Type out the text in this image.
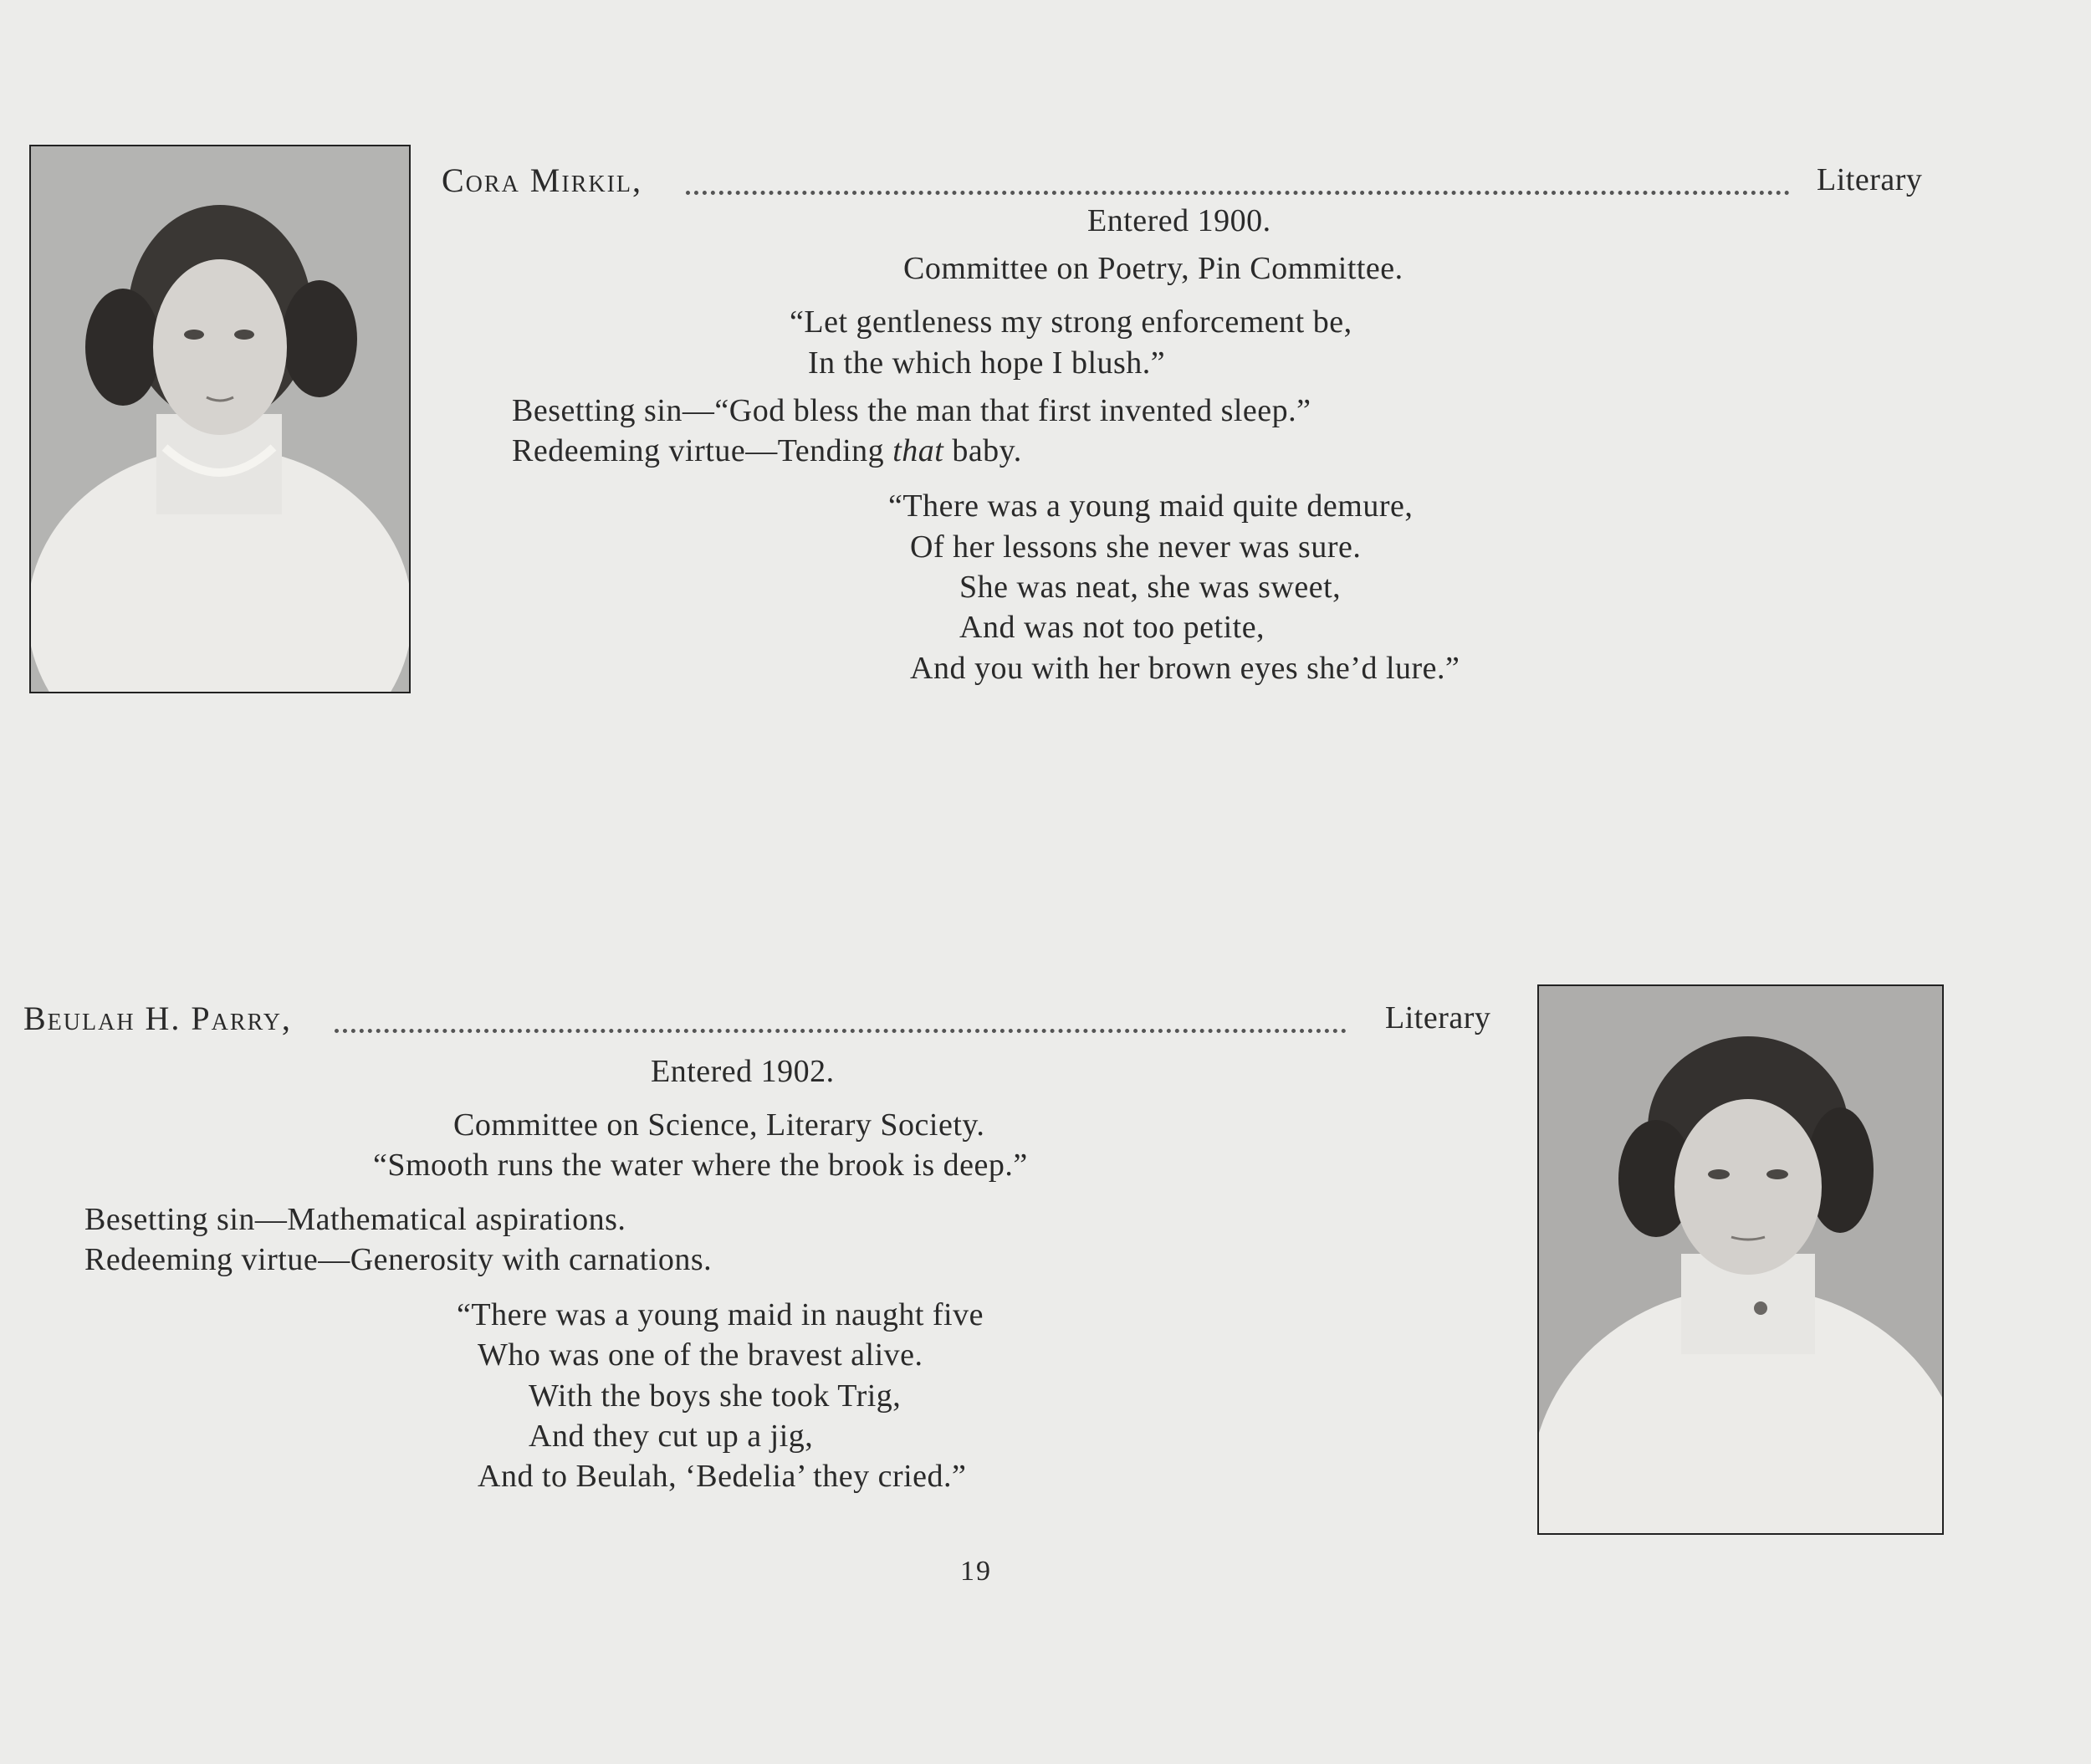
Cora Mirkil,	Literary
Entered 1900.
Committee on Poetry, Pin Committee.
“Let gentleness my strong enforcement be,
In the which hope I blush.”
Besetting sin—“God bless the man that first invented sleep.”
Redeeming virtue—Tending that baby.
“There was a young maid quite demure,
Of her lessons she never was sure.
She was neat, she was sweet,
And was not too petite,
And you with her brown eyes she’d lure.”
Beulah H. Parry,	Literary
Entered 1902.
Committee on Science, Literary Society.
“Smooth runs the water where the brook is deep.”
Besetting sin—Mathematical aspirations.
Redeeming virtue—Generosity with carnations.
“There was a young maid in naught five
Who was one of the bravest alive.
With the boys she took Trig,
And they cut up a jig,
And to Beulah, ‘Bedelia’ they cried.”
19
